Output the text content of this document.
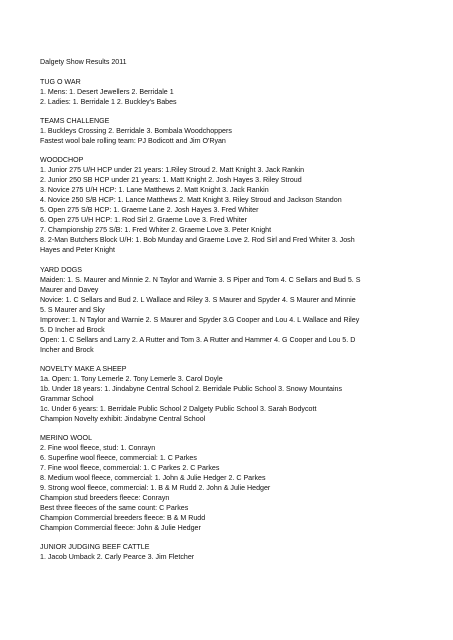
Dalgety Show Results 2011
TUG O WAR
1. Mens: 1. Desert Jewellers 2. Berridale 1
2. Ladies: 1. Berridale 1 2. Buckley's Babes
TEAMS CHALLENGE
1. Buckleys Crossing 2. Berridale 3. Bombala Woodchoppers
Fastest wool bale rolling team: PJ Bodicott and Jim O'Ryan
WOODCHOP
1. Junior 275 U/H HCP under 21 years: 1.Riley Stroud 2. Matt Knight 3. Jack Rankin
2. Junior 250 SB HCP under 21 years: 1. Matt Knight 2. Josh Hayes 3. Riley Stroud
3. Novice 275 U/H HCP: 1. Lane Matthews 2. Matt Knight 3. Jack Rankin
4. Novice 250 S/B HCP: 1. Lance Matthews 2. Matt Knight 3. Riley Stroud and Jackson Standon
5. Open 275 S/B HCP: 1. Graeme Lane 2. Josh Hayes 3. Fred Whiter
6. Open 275 U/H HCP: 1. Rod Sirl 2. Graeme Love 3. Fred Whiter
7. Championship 275 S/B: 1. Fred Whiter 2. Graeme Love 3. Peter Knight
8. 2-Man Butchers Block U/H: 1. Bob Munday and Graeme Love 2. Rod Sirl and Fred Whiter 3. Josh
Hayes and Peter Knight
YARD DOGS
Maiden: 1. S. Maurer and Minnie 2. N Taylor and Warnie 3. S Piper and Tom 4. C Sellars and Bud 5. S
Maurer and Davey
Novice: 1. C Sellars and Bud 2. L Wallace and Riley 3. S Maurer and Spyder 4. S Maurer and Minnie
5. S Maurer and Sky
Improver: 1. N Taylor and Warnie 2. S Maurer and Spyder 3.G Cooper and Lou 4. L Wallace and Riley
5. D Incher ad Brock
Open: 1. C Sellars and Larry 2. A Rutter and Tom 3. A Rutter and Hammer 4. G Cooper and Lou 5. D
Incher and Brock
NOVELTY MAKE A SHEEP
1a. Open: 1. Tony Lemerle 2. Tony Lemerle 3. Carol Doyle
1b. Under 18 years: 1. Jindabyne Central School 2. Berridale Public School 3. Snowy Mountains
Grammar School
1c. Under 6 years: 1. Berridale Public School 2 Dalgety Public School 3. Sarah Bodycott
Champion Novelty exhibit: Jindabyne Central School
MERINO WOOL
2. Fine wool fleece, stud: 1. Conrayn
6. Superfine wool fleece, commercial: 1. C Parkes
7. Fine wool fleece, commercial: 1. C Parkes 2. C Parkes
8. Medium wool fleece, commercial: 1. John & Julie Hedger 2. C Parkes
9. Strong wool fleece, commercial: 1. B & M Rudd 2. John & Julie Hedger
Champion stud breeders fleece: Conrayn
Best three fleeces of the same count: C Parkes
Champion Commercial breeders fleece: B & M Rudd
Champion Commercial fleece: John & Julie Hedger
JUNIOR JUDGING BEEF CATTLE
1. Jacob Umback 2. Carly Pearce 3. Jim Fletcher
